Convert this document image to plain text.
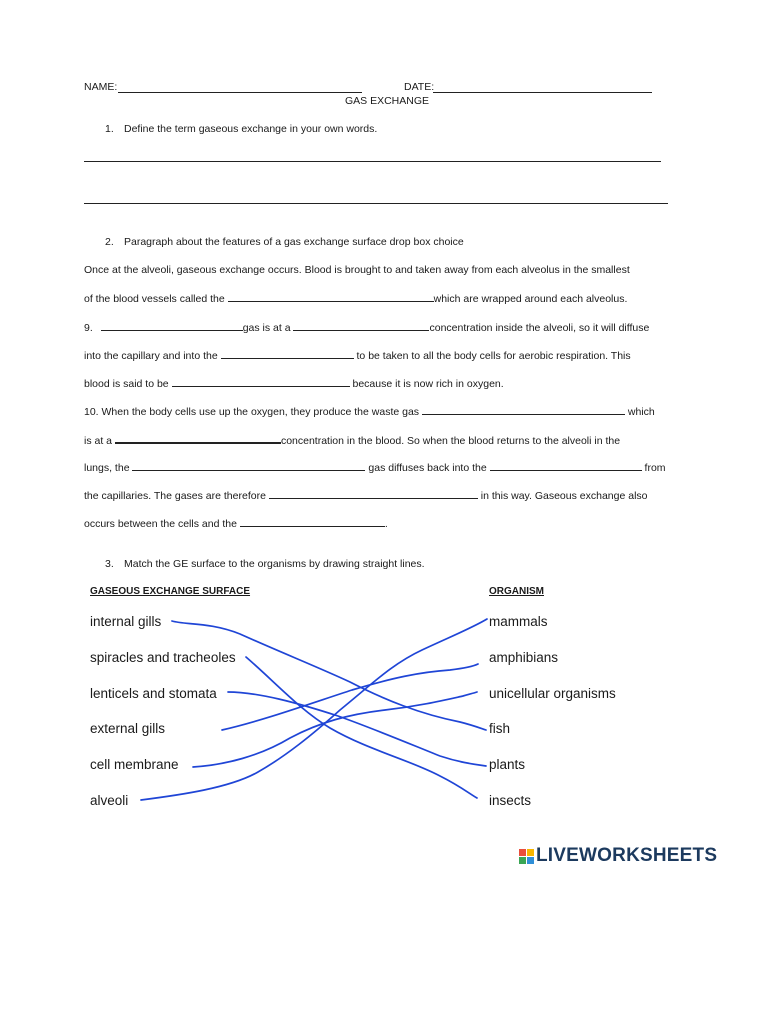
NAME:	DATE:
GAS EXCHANGE
1. Define the term gaseous exchange in your own words.
2. Paragraph about the features of a gas exchange surface drop box choice
Once at the alveoli, gaseous exchange occurs. Blood is brought to and taken away from each alveolus in the smallest
of the blood vessels called the	which are wrapped around each alveolus.
9.	gas is at a	concentration inside the alveoli, so it will diffuse
into the capillary and into the	to be taken to all the body cells for aerobic respiration. This
blood is said to be	because it is now rich in oxygen.
10. When the body cells use up the oxygen, they produce the waste gas	which
is at a	concentration in the blood. So when the blood returns to the alveoli in the
lungs, the	gas diffuses back into the	from
the capillaries. The gases are therefore	in this way. Gaseous exchange also
occurs between the cells and the	.
3. Match the GE surface to the organisms by drawing straight lines.
GASEOUS EXCHANGE SURFACE	ORGANISM
internal gills
spiracles and tracheoles
lenticels and stomata
external gills
cell membrane
alveoli
mammals
amphibians
unicellular organisms
fish
plants
insects
LIVEWORKSHEETS
